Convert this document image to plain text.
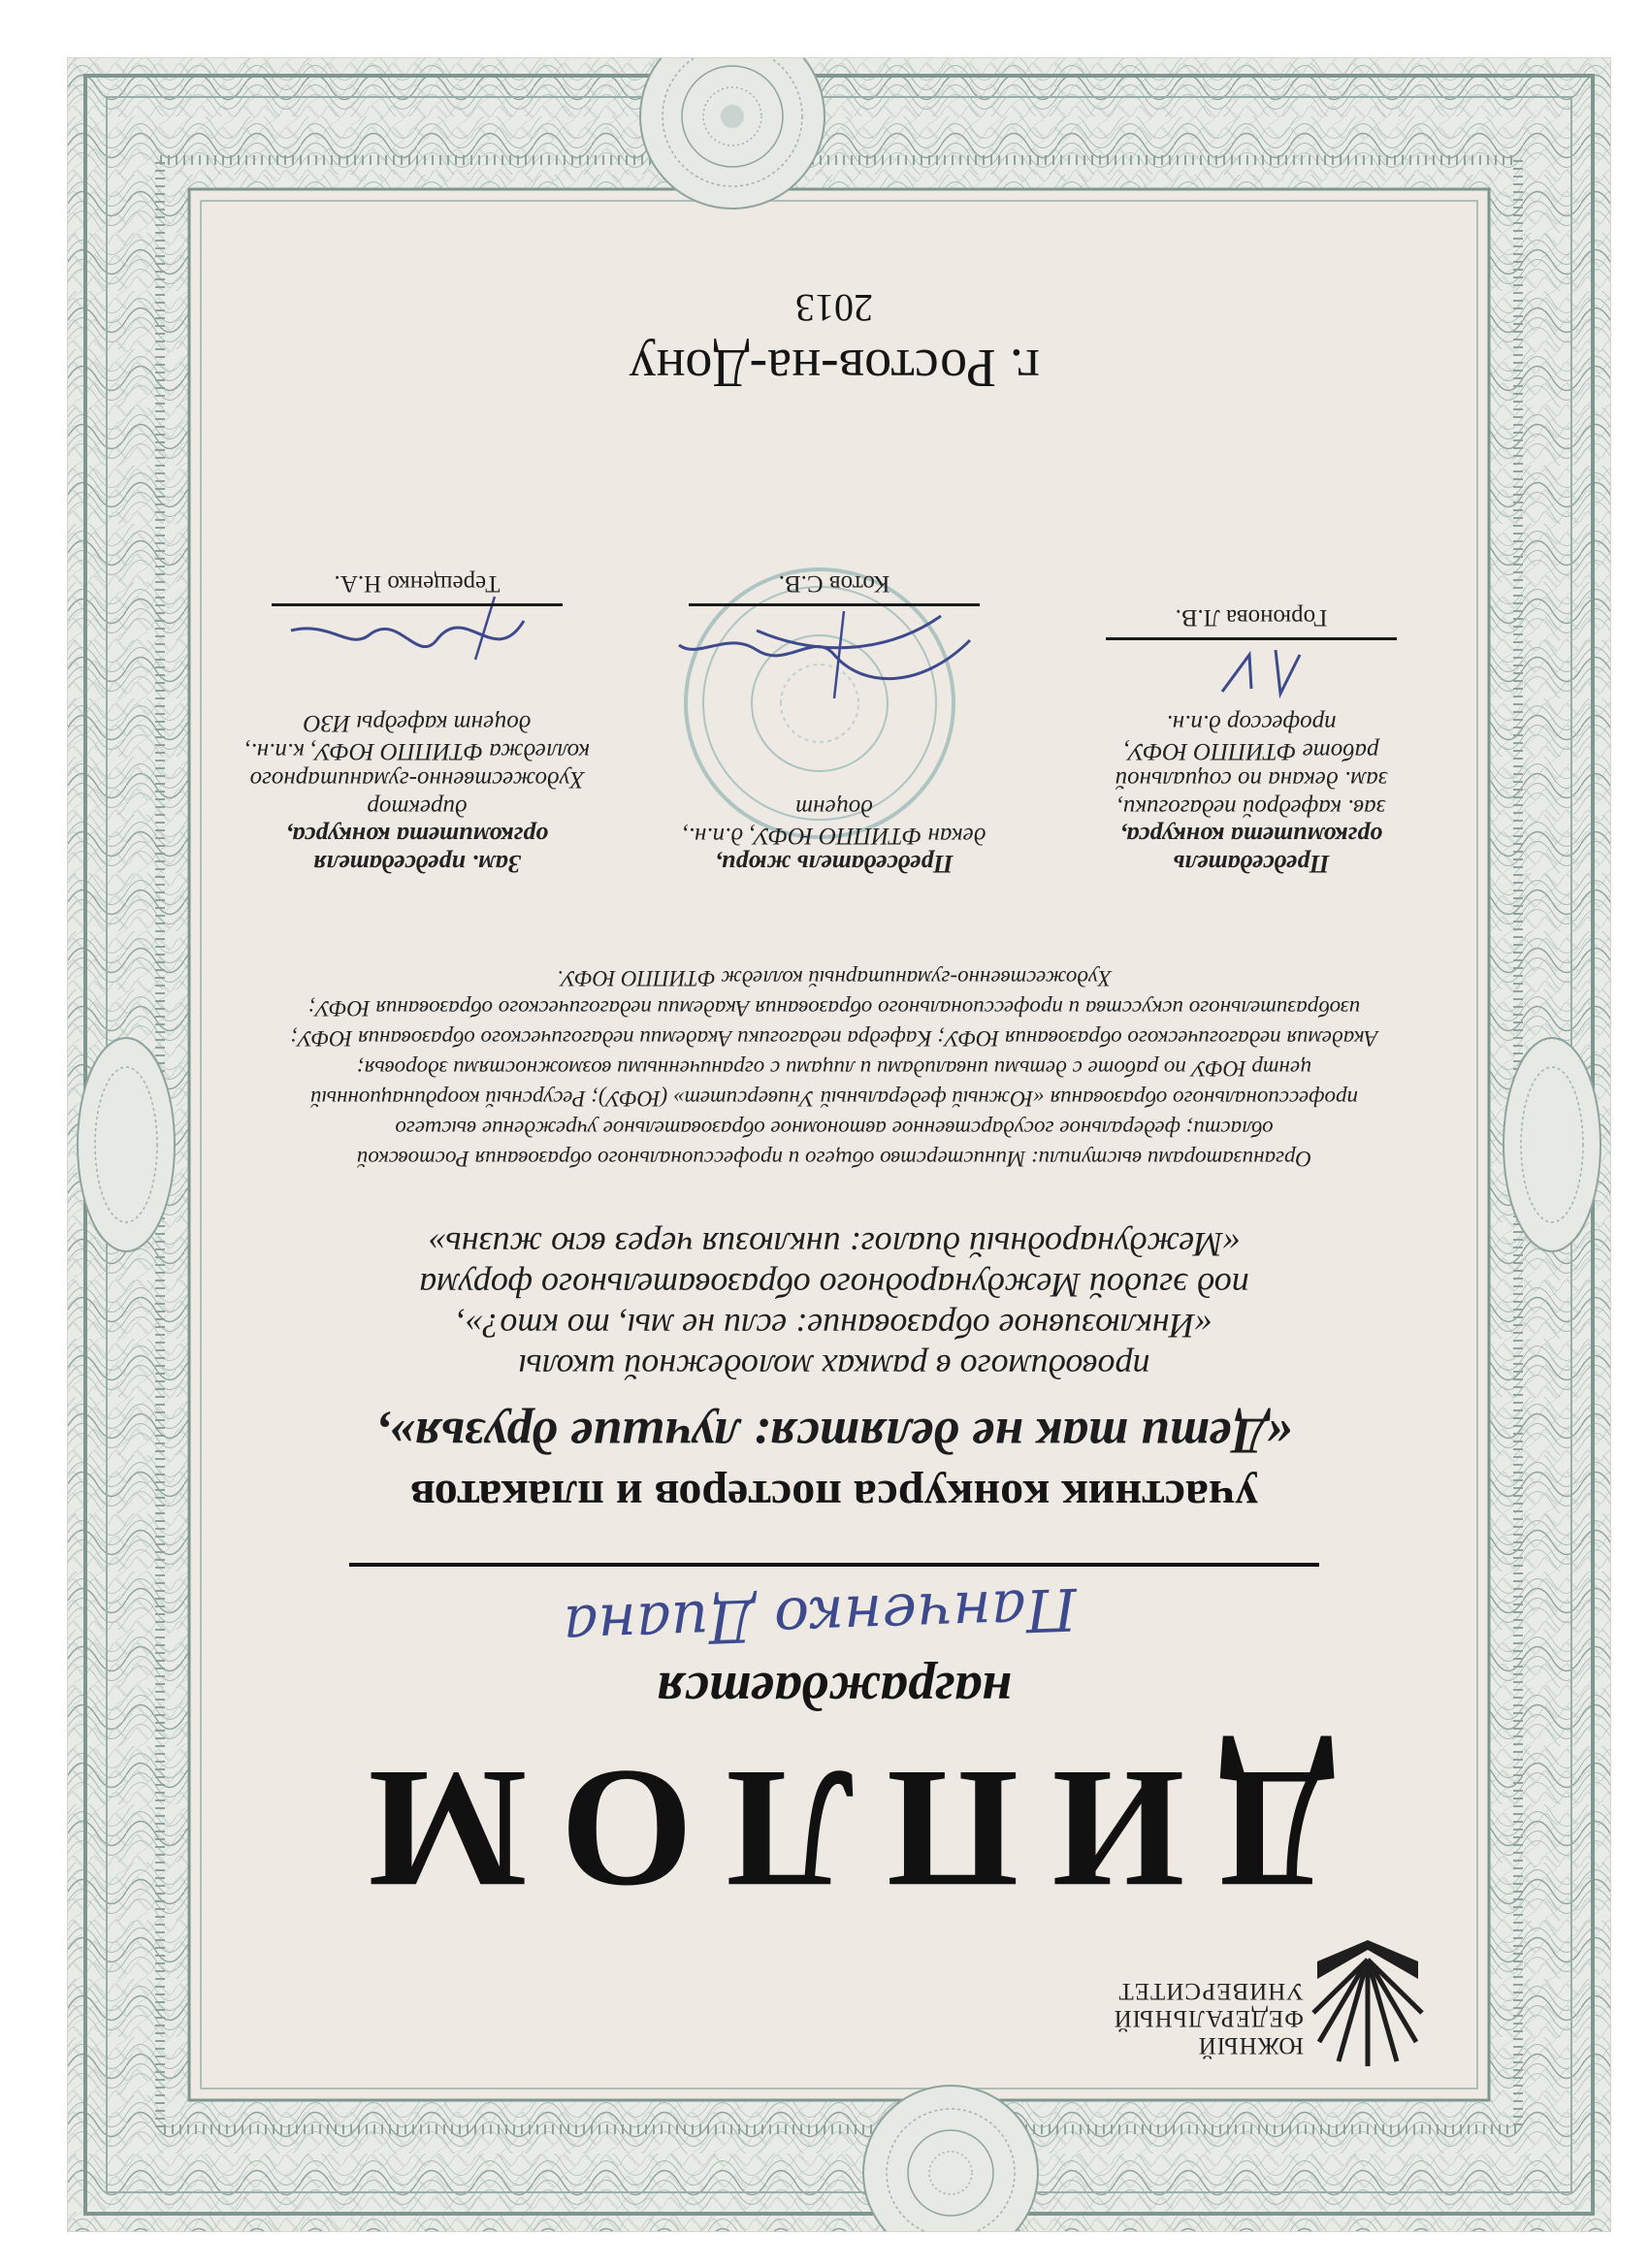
ЮЖНЫЙ
ФЕДЕРАЛЬНЫЙ
УНИВЕРСИТЕТ
ДИПЛОМ
награждается
Панченко Диана
участник конкурса постеров и плакатов
«Дети так не делятся: лучшие друзья»,
проводимого в рамках молодежной школы
«Инклюзивное образование: если не мы, то кто?»,
под эгидой Международного образовательного форума
«Международный диалог: инклюзия через всю жизнь»
Организаторами выступили: Министерство общего и профессионального образования Ростовской
области; федеральное государственное автономное образовательное учреждение высшего
профессионального образования «Южный федеральный Университет» (ЮФУ); Ресурсный координационный
центр ЮФУ по работе с детьми инвалидами и лицами с ограниченными возможностями здоровья;
Академия педагогического образования ЮФУ; Кафедра педагогики Академии педагогического образования ЮФУ;
изобразительного искусства и профессионального образования Академии педагогического образования ЮФУ;
Художественно-гуманитарный колледж ФТИППО ЮФУ.
Председатель
оргкомитета конкурса,
зав. кафедрой педагогики,
зам. декана по социальной
работе ФТИППО ЮФУ,
профессор д.п.н.
Председатель жюри,
декан ФТИППО ЮФУ, д.п.н.,
доцент
Зам. председателя
оргкомитета конкурса,
директор
Художественно-гуманитарного
колледжа ФТИППО ЮФУ, к.п.н.,
доцент кафедры ИЗО
Горюнова Л.В.
Котов С.В.
Терещенко Н.А.
г. Ростов-на-Дону
2013
